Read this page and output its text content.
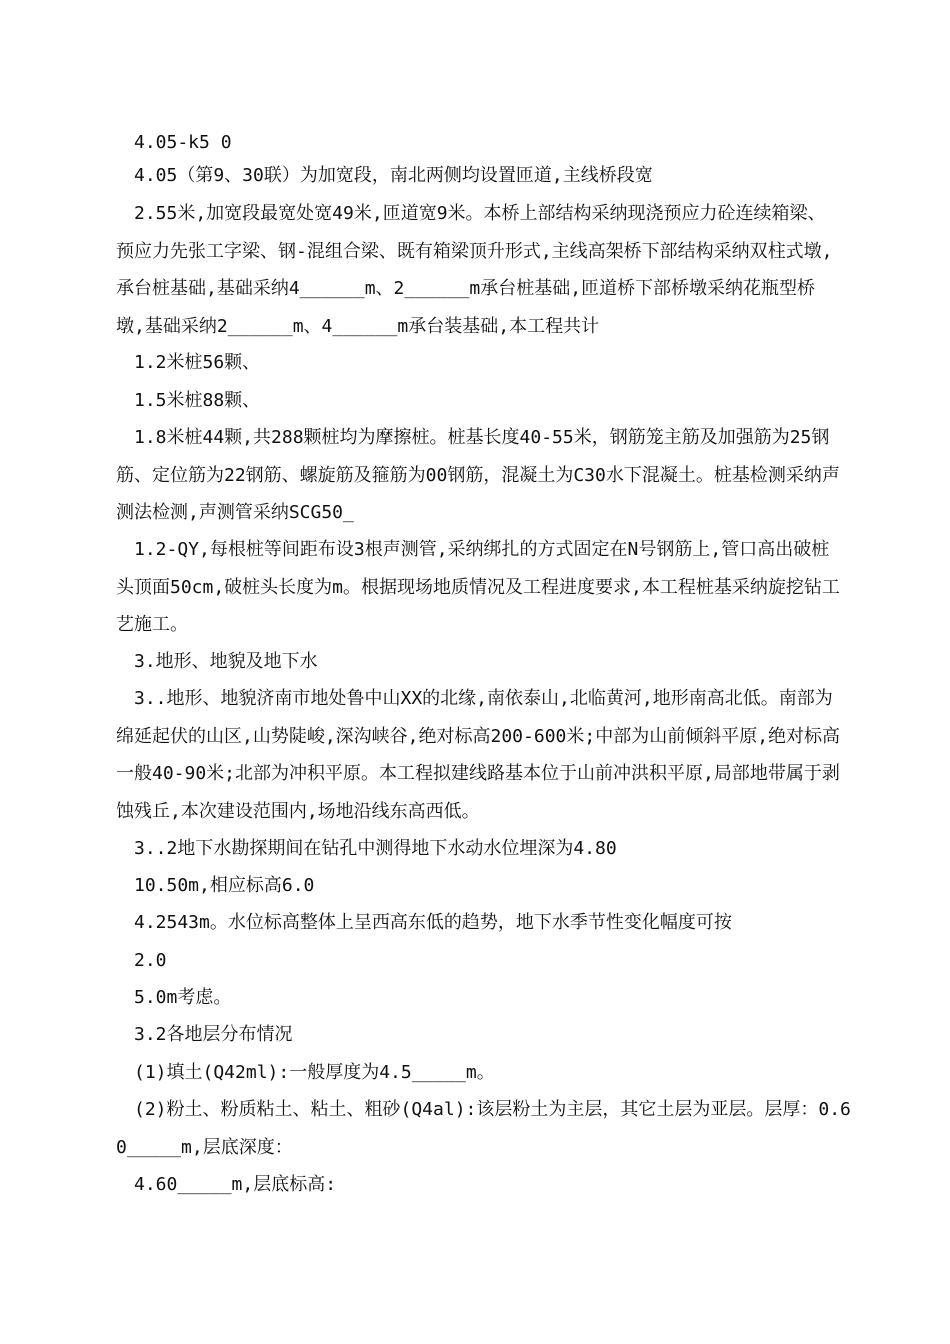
4.05-k5 0

4.05（第9、30联）为加宽段，南北两侧均设置匝道,主线桥段宽

2.55米,加宽段最宽处宽49米,匝道宽9米。本桥上部结构采纳现浇预应力砼连续箱梁、预应力先张工字梁、钢-混组合梁、既有箱梁顶升形式,主线高架桥下部结构采纳双柱式墩,承台桩基础,基础采纳4______m、2______m承台桩基础,匝道桥下部桥墩采纳花瓶型桥墩,基础采纳2______m、4______m承台装基础,本工程共计

1.2米桩56颗、

1.5米桩88颗、

1.8米桩44颗,共288颗桩均为摩擦桩。桩基长度40-55米，钢筋笼主筋及加强筋为25钢筋、定位筋为22钢筋、螺旋筋及箍筋为00钢筋，混凝土为C30水下混凝土。桩基检测采纳声测法检测,声测管采纳SCG50_

1.2-QY,每根桩等间距布设3根声测管,采纳绑扎的方式固定在N号钢筋上,管口高出破桩头顶面50cm,破桩头长度为m。根据现场地质情况及工程进度要求,本工程桩基采纳旋挖钻工艺施工。

3.地形、地貌及地下水

3..地形、地貌济南市地处鲁中山XX的北缘,南依泰山,北临黄河,地形南高北低。南部为绵延起伏的山区,山势陡峻,深沟峡谷,绝对标高200-600米;中部为山前倾斜平原,绝对标高一般40-90米;北部为冲积平原。本工程拟建线路基本位于山前冲洪积平原,局部地带属于剥蚀残丘,本次建设范围内,场地沿线东高西低。

3..2地下水勘探期间在钻孔中测得地下水动水位埋深为4.80

10.50m,相应标高6.0

4.2543m。水位标高整体上呈西高东低的趋势，地下水季节性变化幅度可按

2.0

5.0m考虑。

3.2各地层分布情况

(1)填土(Q42ml):一般厚度为4.5_____m。

(2)粉土、粉质粘土、粘土、粗砂(Q4al):该层粉土为主层，其它土层为亚层。层厚：0.60_____m,层底深度：

4.60_____m,层底标高:
